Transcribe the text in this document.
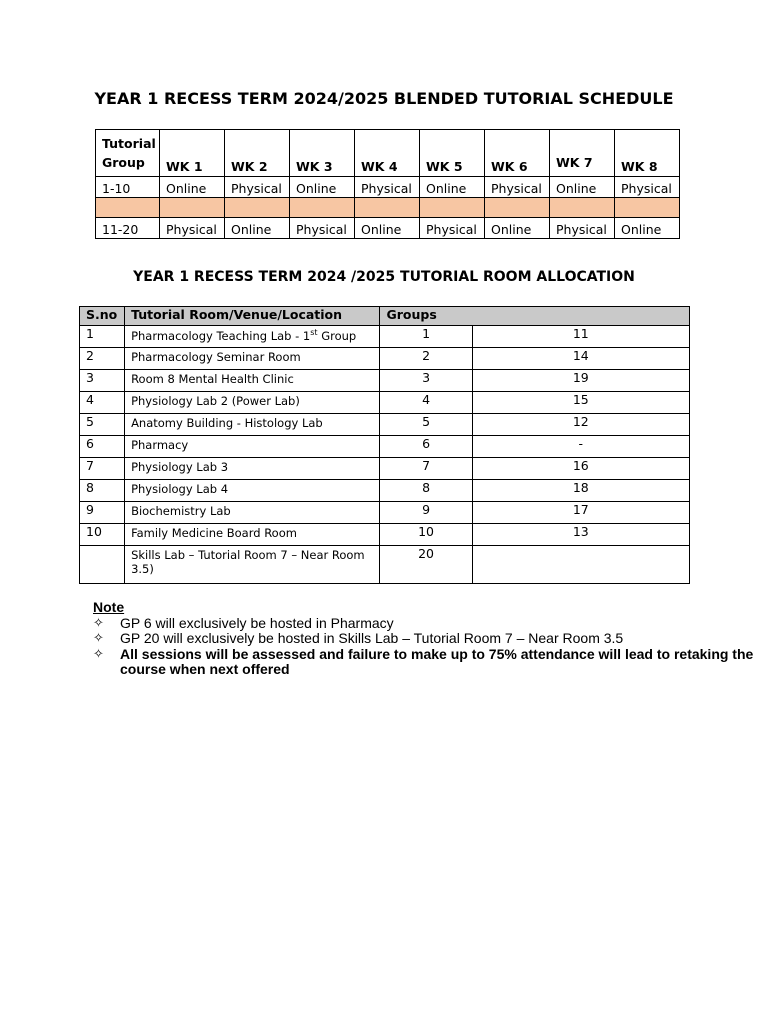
YEAR 1 RECESS TERM 2024/2025 BLENDED TUTORIAL SCHEDULE
Tutorial
Group	WK 1	WK 2	WK 3	WK 4	WK 5	WK 6	WK 7	WK 8
1-10	Online	Physical	Online	Physical	Online	Physical	Online	Physical

11-20	Physical	Online	Physical	Online	Physical	Online	Physical	Online
YEAR 1 RECESS TERM 2024 /2025 TUTORIAL ROOM ALLOCATION
S.no	Tutorial Room/Venue/Location	Groups	
1	Pharmacology Teaching Lab - 1st Group	1	11
2	Pharmacology Seminar Room	2	14
3	Room 8 Mental Health Clinic	3	19
4	Physiology Lab 2 (Power Lab)	4	15
5	Anatomy Building - Histology Lab	5	12
6	Pharmacy	6	-
7	Physiology Lab 3	7	16
8	Physiology Lab 4	8	18
9	Biochemistry Lab	9	17
10	Family Medicine Board Room	10	13
	Skills Lab – Tutorial Room 7 – Near Room 3.5)	20	
Note
✧ GP 6 will exclusively be hosted in Pharmacy
✧ GP 20 will exclusively be hosted in Skills Lab – Tutorial Room 7 – Near Room 3.5
✧ All sessions will be assessed and failure to make up to 75% attendance will lead to retaking the course when next offered
